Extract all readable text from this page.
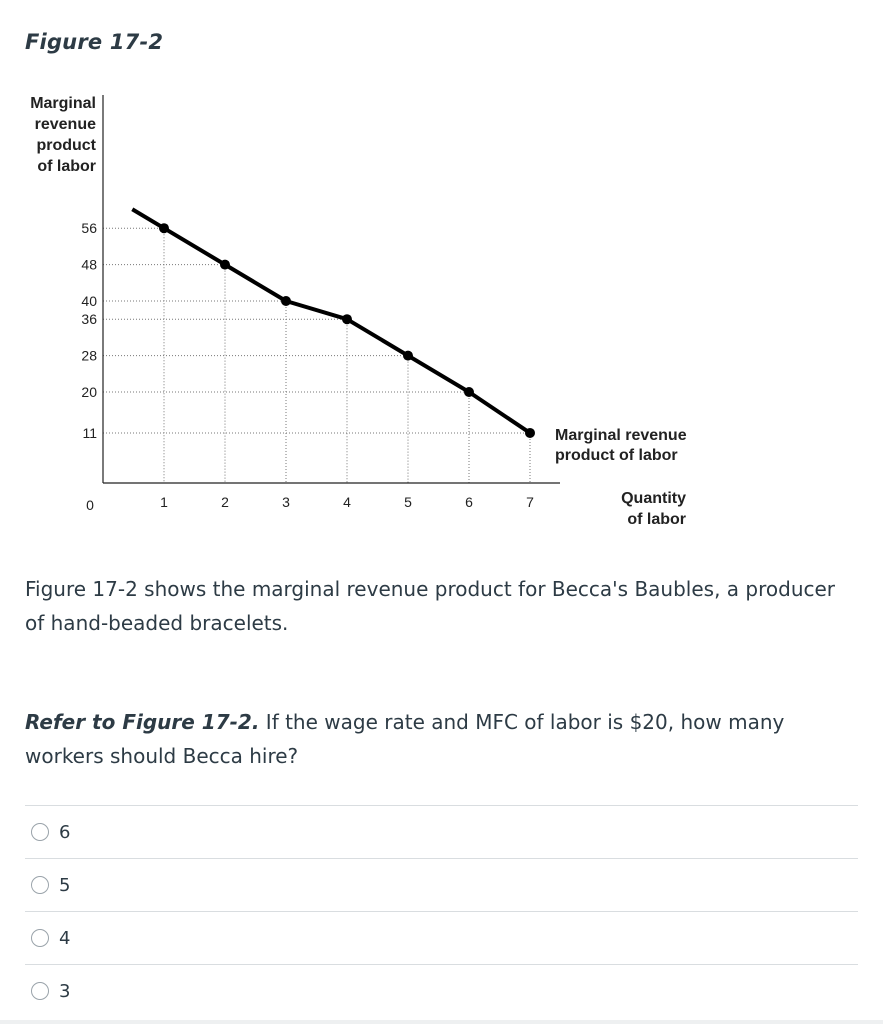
Figure 17-2
Marginal
revenue
product
of labor
56
48
40
36
28
20
11
0	1	2	3	4	5	6	7
Marginal revenue
product of labor
Quantity
of labor

Figure 17-2 shows the marginal revenue product for Becca's Baubles, a producer of hand-beaded bracelets.

Refer to Figure 17-2. If the wage rate and MFC of labor is $20, how many workers should Becca hire?

6
5
4
3
